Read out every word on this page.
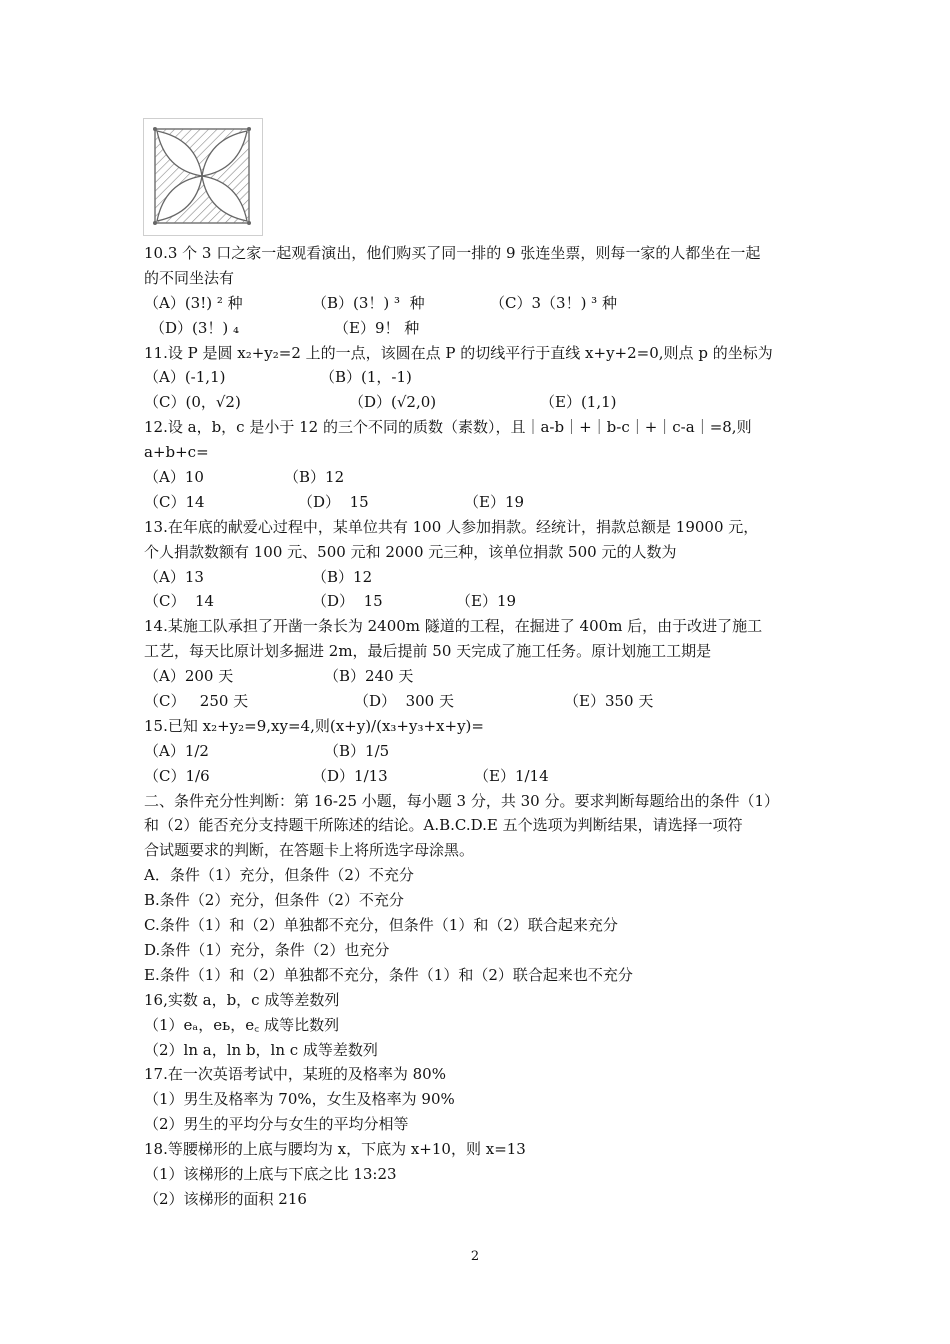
10.3 个 3 口之家一起观看演出，他们购买了同一排的 9 张连坐票，则每一家的人都坐在一起
的不同坐法有
（A）(3!) ² 种	（B）(3！) ³  种	（C）3（3！) ³ 种
（D）(3！) ₄	（E）9！ 种
11.设 P 是圆 x₂+y₂=2 上的一点，该圆在点 P 的切线平行于直线 x+y+2=0,则点 p 的坐标为
（A）(-1,1)	（B）(1，-1)
（C）(0，√2)	（D）(√2,0)	（E）(1,1)
12.设 a，b，c 是小于 12 的三个不同的质数（素数），且｜a-b｜+｜b-c｜+｜c-a｜=8,则
a+b+c=
（A）10	（B）12
（C）14	（D）  15	（E）19
13.在年底的献爱心过程中，某单位共有 100 人参加捐款。经统计，捐款总额是 19000 元，
个人捐款数额有 100 元、500 元和 2000 元三种，该单位捐款 500 元的人数为
（A）13	（B）12
（C）  14	（D）  15	（E）19
14.某施工队承担了开凿一条长为 2400m 隧道的工程，在掘进了 400m 后，由于改进了施工
工艺，每天比原计划多掘进 2m，最后提前 50 天完成了施工任务。原计划施工工期是
（A）200 天	（B）240 天
（C）   250 天	（D）  300 天	（E）350 天
15.已知 x₂+y₂=9,xy=4,则(x+y)/(x₃+y₃+x+y)=
（A）1/2	（B）1/5
（C）1/6	（D）1/13	（E）1/14
二、条件充分性判断：第 16-25 小题，每小题 3 分，共 30 分。要求判断每题给出的条件（1）
和（2）能否充分支持题干所陈述的结论。A.B.C.D.E 五个选项为判断结果，请选择一项符
合试题要求的判断，在答题卡上将所选字母涂黑。
A．条件（1）充分，但条件（2）不充分
B.条件（2）充分，但条件（2）不充分
C.条件（1）和（2）单独都不充分，但条件（1）和（2）联合起来充分
D.条件（1）充分，条件（2）也充分
E.条件（1）和（2）单独都不充分，条件（1）和（2）联合起来也不充分
16,实数 a，b，c 成等差数列
（1）eₐ，eь，e꜀ 成等比数列
（2）ln a，ln b，ln c 成等差数列
17.在一次英语考试中，某班的及格率为 80%
（1）男生及格率为 70%，女生及格率为 90%
（2）男生的平均分与女生的平均分相等
18.等腰梯形的上底与腰均为 x，下底为 x+10，则 x=13
（1）该梯形的上底与下底之比 13:23
（2）该梯形的面积 216
2
